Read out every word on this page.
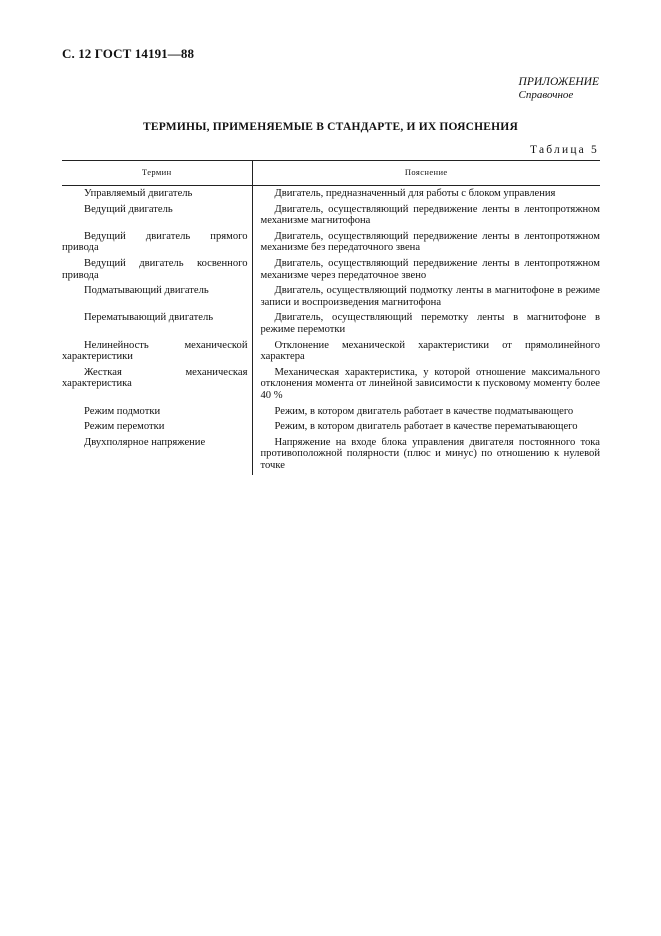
С. 12 ГОСТ 14191—88
ПРИЛОЖЕНИЕ
Справочное
ТЕРМИНЫ, ПРИМЕНЯЕМЫЕ В СТАНДАРТЕ, И ИХ ПОЯСНЕНИЯ
Таблица 5
Термин	Пояснение

Управляемый двигатель	Двигатель, предназначенный для работы с блоком управления

Ведущий двигатель	Двигатель, осуществляющий передвижение ленты в лентопротяжном механизме магнитофона

Ведущий двигатель прямого привода	Двигатель, осуществляющий передвижение ленты в лентопротяжном механизме без передаточного звена

Ведущий двигатель косвенного привода	Двигатель, осуществляющий передвижение ленты в лентопротяжном механизме через передаточное звено

Подматывающий двигатель	Двигатель, осуществляющий подмотку ленты в магнитофоне в режиме записи и воспроизведения магнитофона

Перематывающий двигатель	Двигатель, осуществляющий перемотку ленты в магнитофоне в режиме перемотки

Нелинейность механической характеристики	Отклонение механической характеристики от прямолинейного характера

Жесткая механическая характеристика	Механическая характеристика, у которой отношение максимального отклонения момента от линейной зависимости к пусковому моменту более 40 %

Режим подмотки	Режим, в котором двигатель работает в качестве подматывающего

Режим перемотки	Режим, в котором двигатель работает в качестве перематывающего

Двухполярное напряжение	Напряжение на входе блока управления двигателя постоянного тока противоположной полярности (плюс и минус) по отношению к нулевой точке
